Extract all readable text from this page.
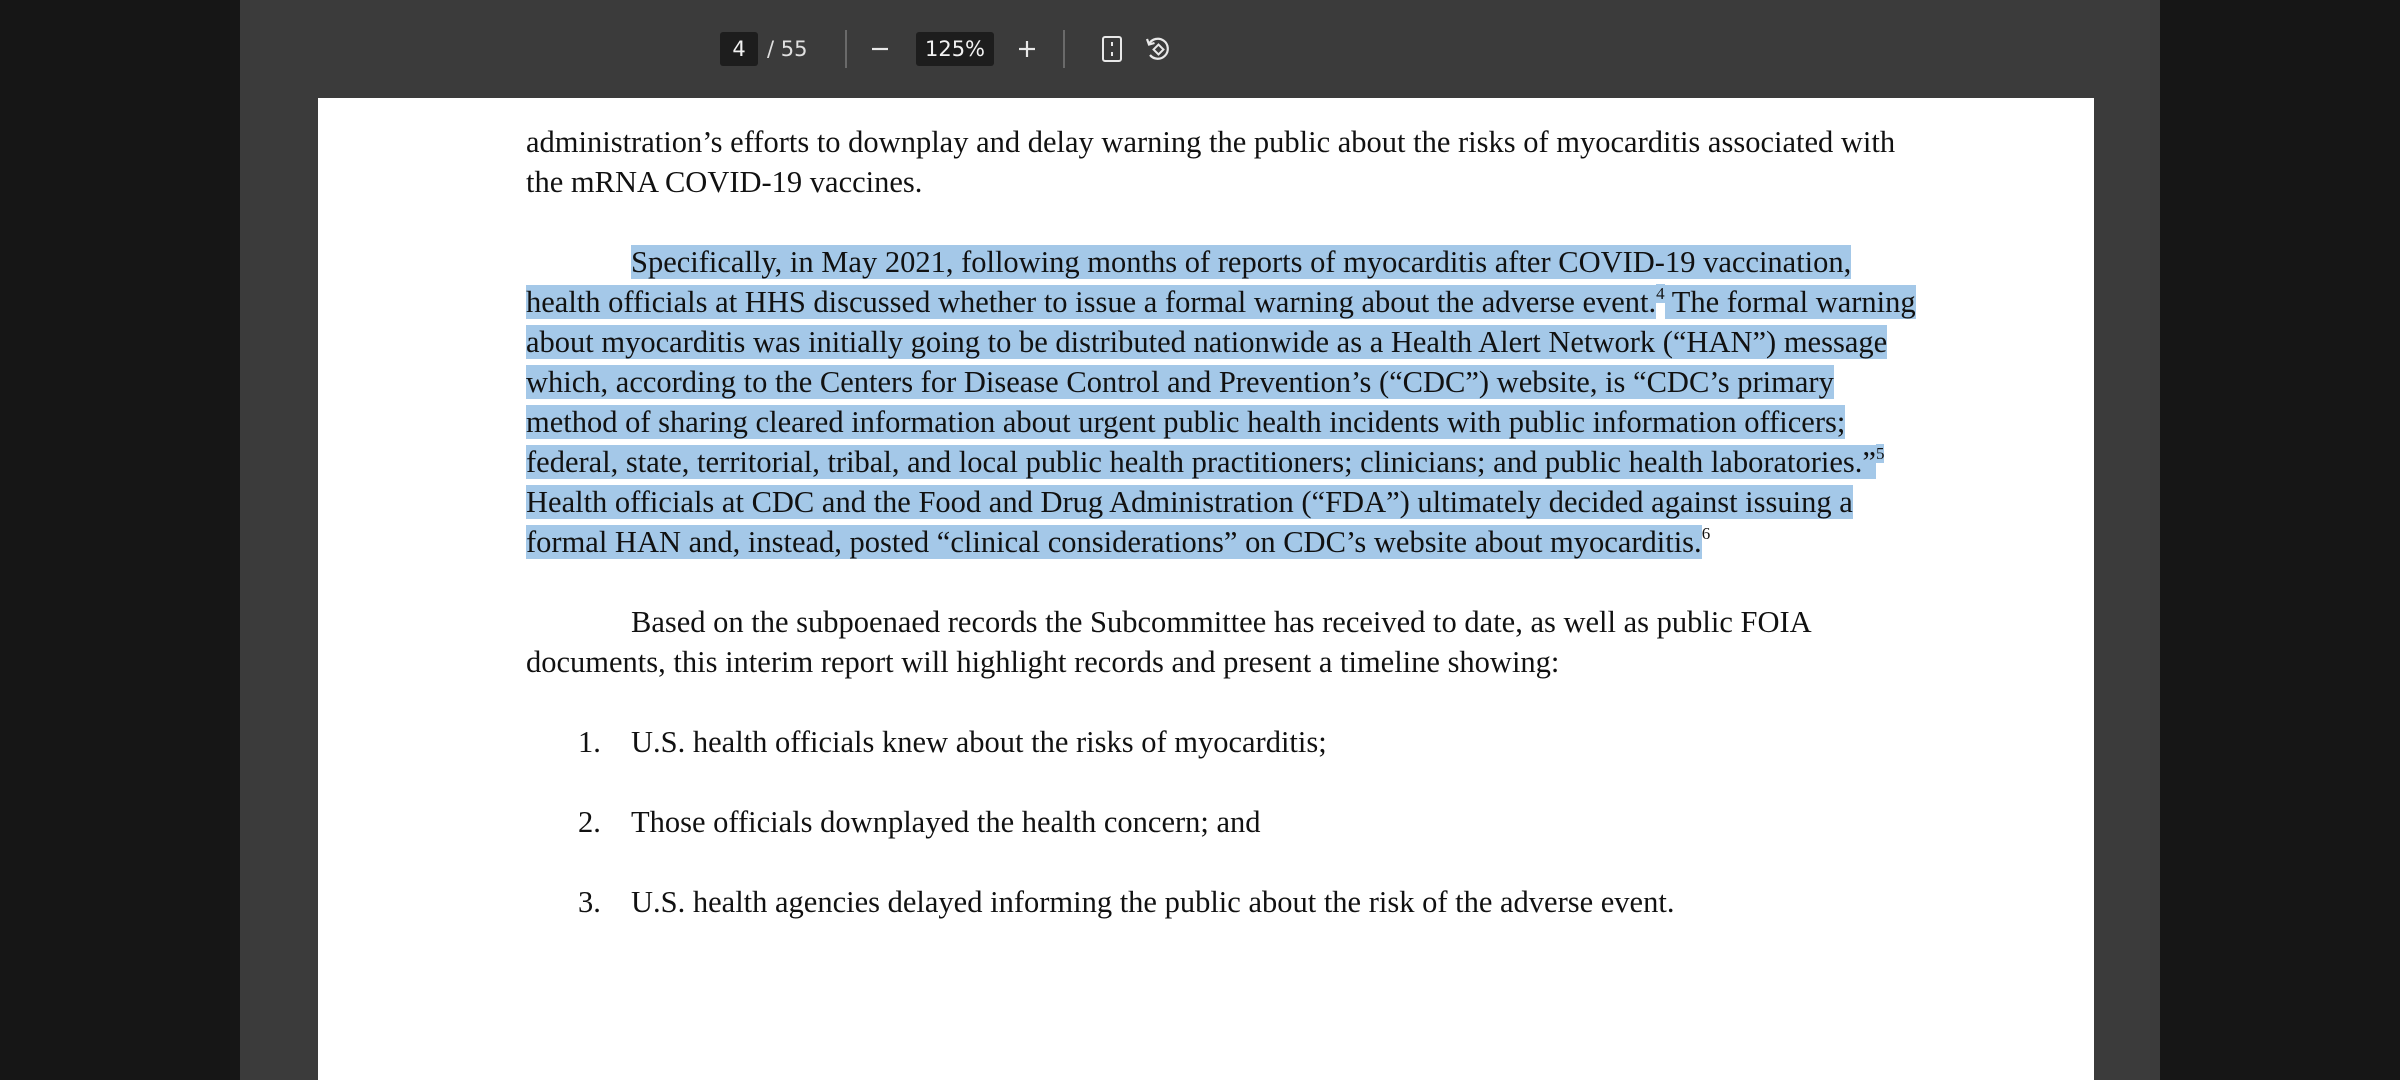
4	/ 55	125%

administration’s efforts to downplay and delay warning the public about the risks of myocarditis associated with the mRNA COVID-19 vaccines.

Specifically, in May 2021, following months of reports of myocarditis after COVID-19 vaccination, health officials at HHS discussed whether to issue a formal warning about the adverse event.$^4$ The formal warning about myocarditis was initially going to be distributed nationwide as a Health Alert Network (“HAN”) message which, according to the Centers for Disease Control and Prevention’s (“CDC”) website, is “CDC’s primary method of sharing cleared information about urgent public health incidents with public information officers; federal, state, territorial, tribal, and local public health practitioners; clinicians; and public health laboratories.”$^5$ Health officials at CDC and the Food and Drug Administration (“FDA”) ultimately decided against issuing a formal HAN and, instead, posted “clinical considerations” on CDC’s website about myocarditis.$^6$

Based on the subpoenaed records the Subcommittee has received to date, as well as public FOIA documents, this interim report will highlight records and present a timeline showing:

1. U.S. health officials knew about the risks of myocarditis;

2. Those officials downplayed the health concern; and

3. U.S. health agencies delayed informing the public about the risk of the adverse event.
